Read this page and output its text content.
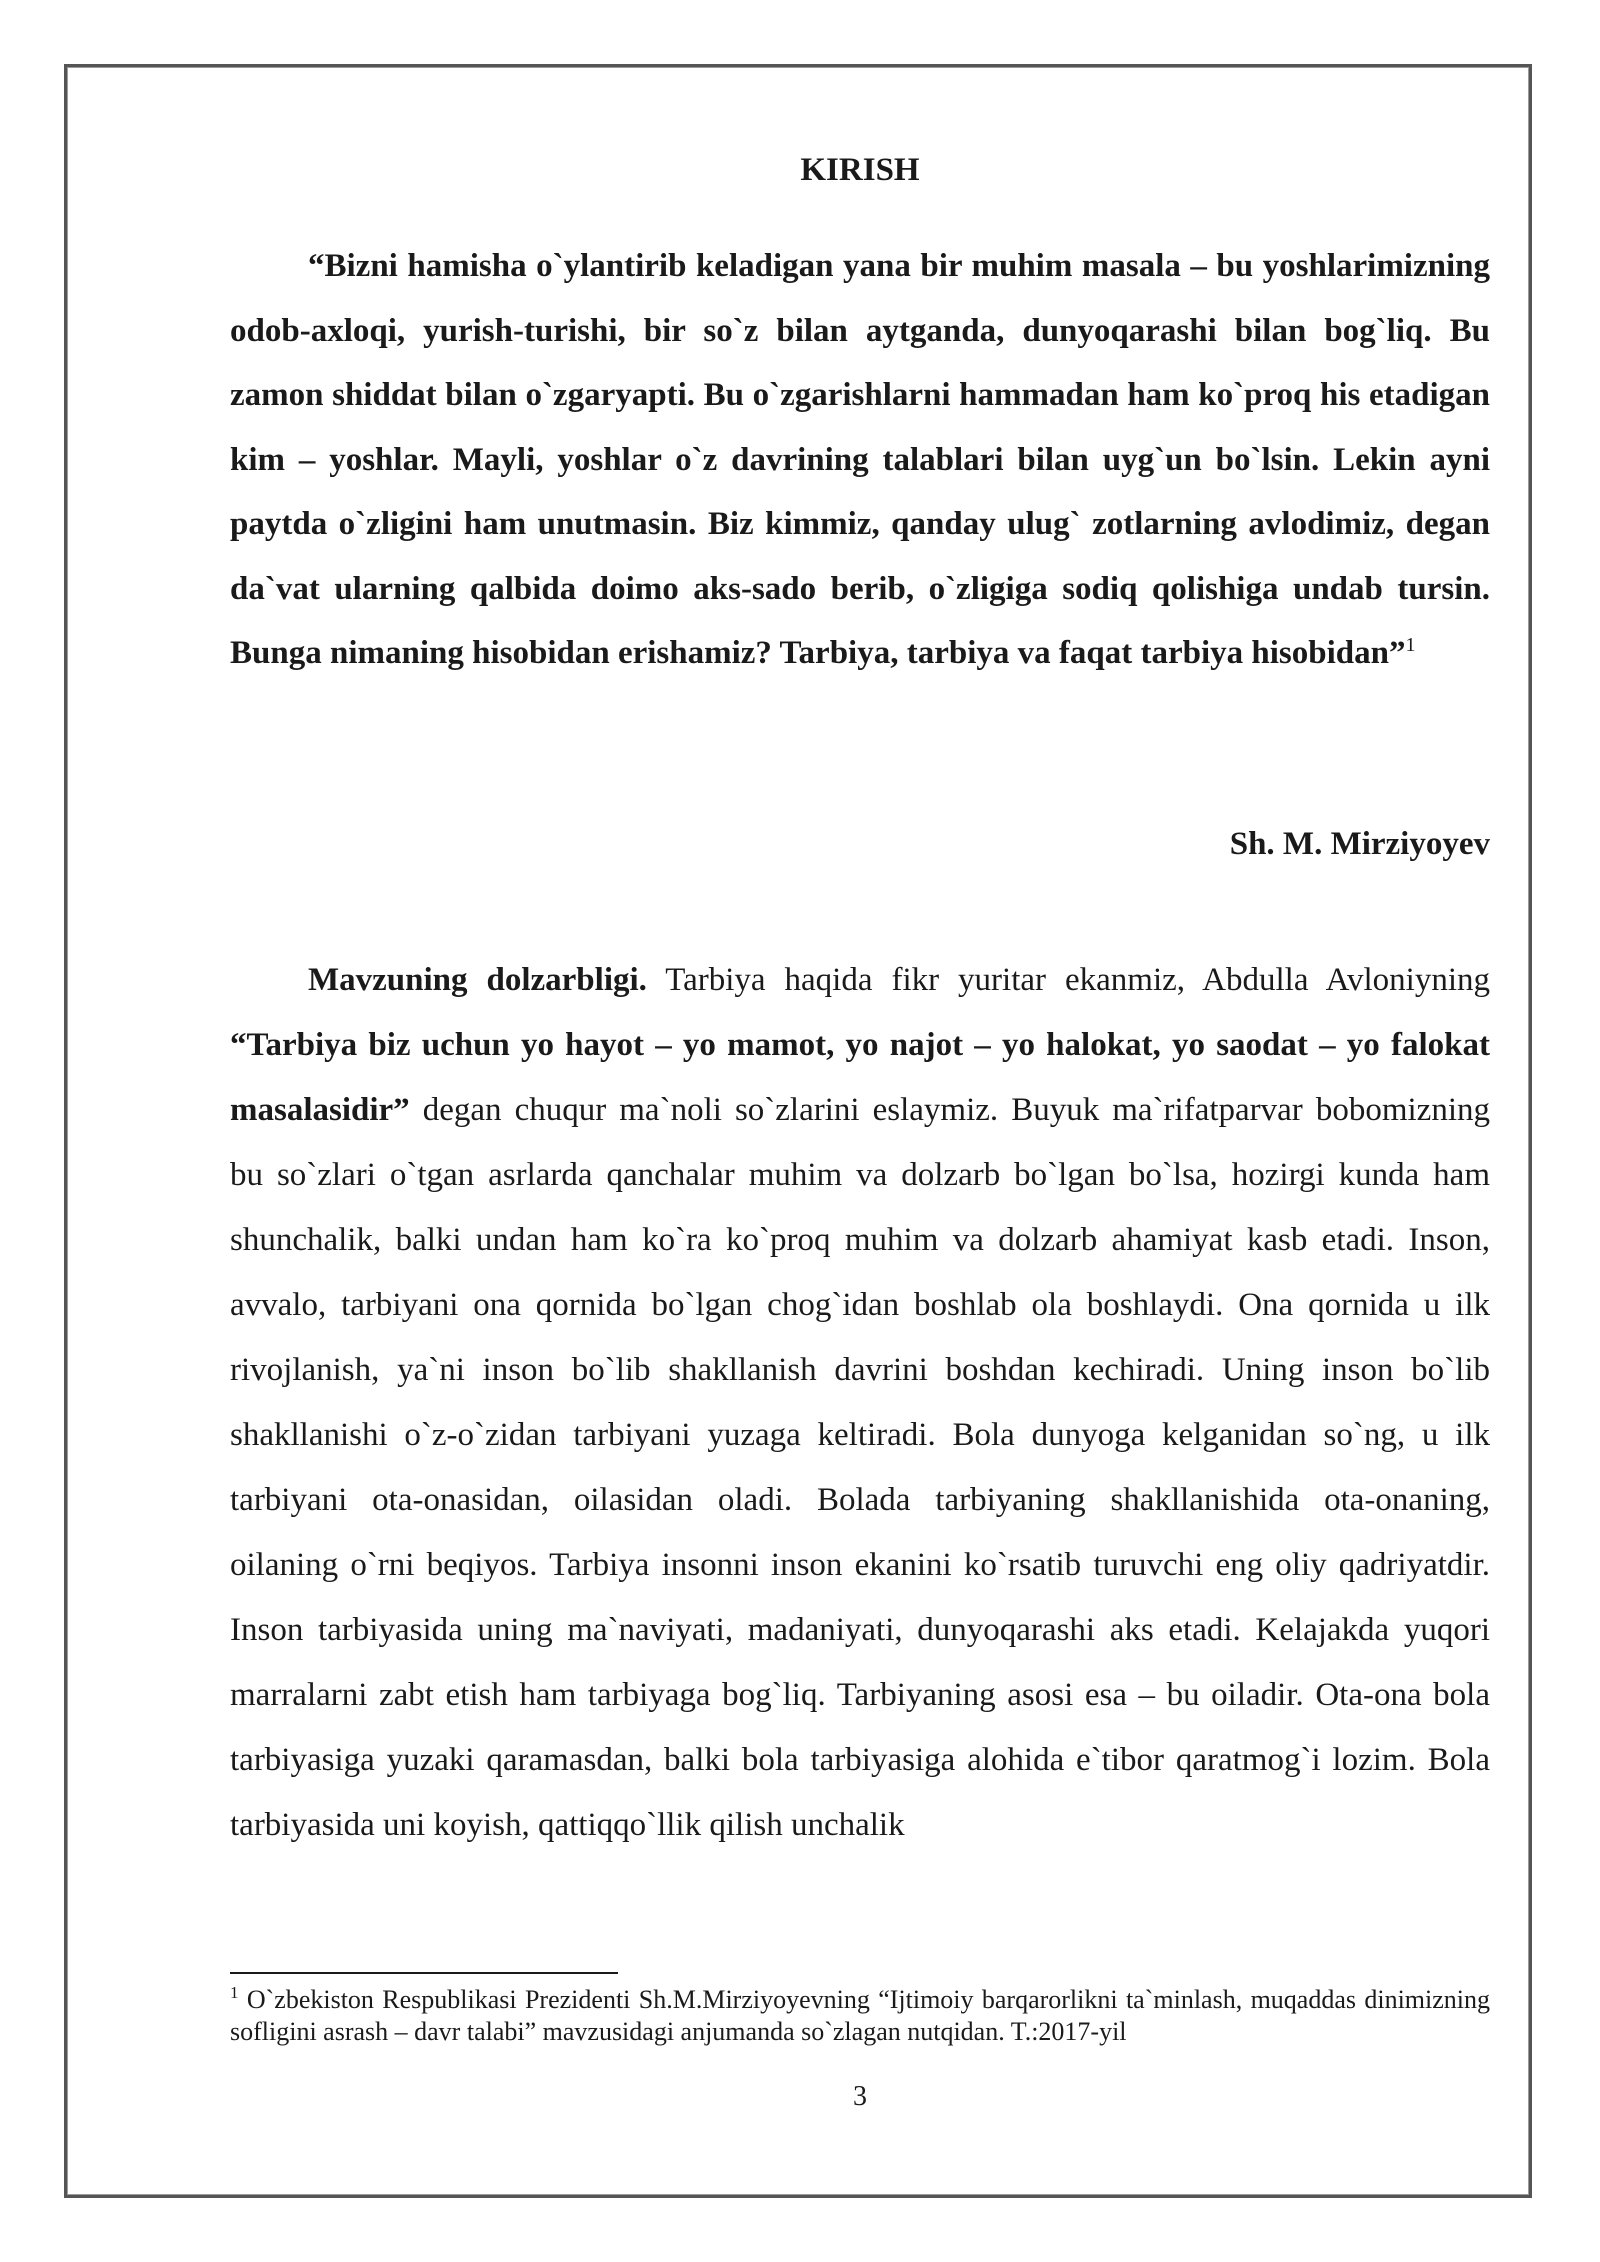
KIRISH

“Bizni hamisha o`ylantirib keladigan yana bir muhim masala – bu yoshlarimizning odob-axloqi, yurish-turishi, bir so`z bilan aytganda, dunyoqarashi bilan bog`liq. Bu zamon shiddat bilan o`zgaryapti. Bu o`zgarishlarni hammadan ham ko`proq his etadigan kim – yoshlar. Mayli, yoshlar o`z davrining talablari bilan uyg`un bo`lsin. Lekin ayni paytda o`zligini ham unutmasin. Biz kimmiz, qanday ulug` zotlarning avlodimiz, degan da`vat ularning qalbida doimo aks-sado berib, o`zligiga sodiq qolishiga undab tursin. Bunga nimaning hisobidan erishamiz? Tarbiya, tarbiya va faqat tarbiya hisobidan”$^1$

Sh. M. Mirziyoyev

Mavzuning dolzarbligi. Tarbiya haqida fikr yuritar ekanmiz, Abdulla Avloniyning “Tarbiya biz uchun yo hayot – yo mamot, yo najot – yo halokat, yo saodat – yo falokat masalasidir” degan chuqur ma`noli so`zlarini eslaymiz. Buyuk ma`rifatparvar bobomizning bu so`zlari o`tgan asrlarda qanchalar muhim va dolzarb bo`lgan bo`lsa, hozirgi kunda ham shunchalik, balki undan ham ko`ra ko`proq muhim va dolzarb ahamiyat kasb etadi. Inson, avvalo, tarbiyani ona qornida bo`lgan chog`idan boshlab ola boshlaydi. Ona qornida u ilk rivojlanish, ya`ni inson bo`lib shakllanish davrini boshdan kechiradi. Uning inson bo`lib shakllanishi o`z-o`zidan tarbiyani yuzaga keltiradi. Bola dunyoga kelganidan so`ng, u ilk tarbiyani ota-onasidan, oilasidan oladi. Bolada tarbiyaning shakllanishida ota-onaning, oilaning o`rni beqiyos. Tarbiya insonni inson ekanini ko`rsatib turuvchi eng oliy qadriyatdir. Inson tarbiyasida uning ma`naviyati, madaniyati, dunyoqarashi aks etadi. Kelajakda yuqori marralarni zabt etish ham tarbiyaga bog`liq. Tarbiyaning asosi esa – bu oiladir. Ota-ona bola tarbiyasiga yuzaki qaramasdan, balki bola tarbiyasiga alohida e`tibor qaratmog`i lozim. Bola tarbiyasida uni koyish, qattiqqo`llik qilish unchalik

$^1$ O`zbekiston Respublikasi Prezidenti Sh.M.Mirziyoyevning “Ijtimoiy barqarorlikni ta`minlash, muqaddas dinimizning sofligini asrash – davr talabi” mavzusidagi anjumanda so`zlagan nutqidan. T.:2017-yil

3
